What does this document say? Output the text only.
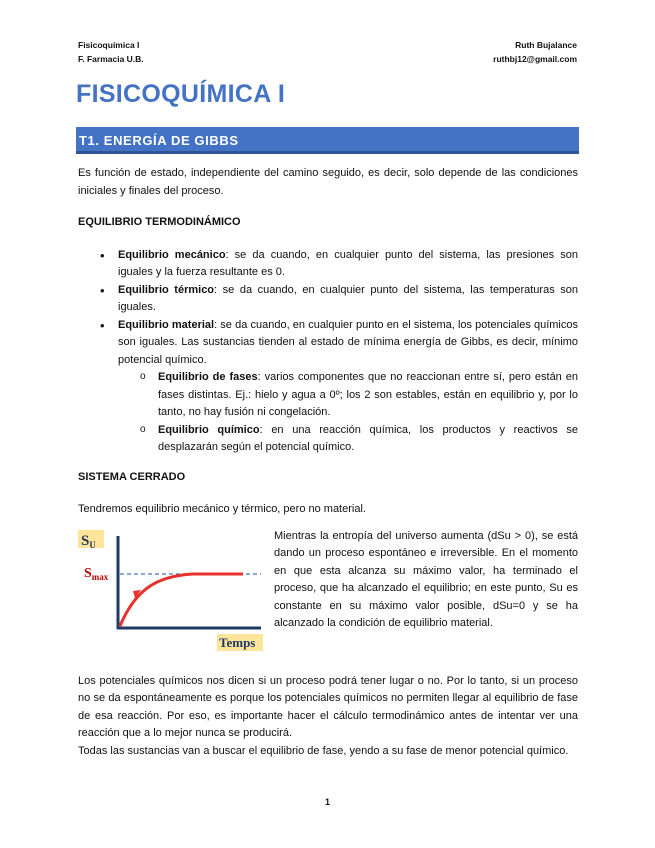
Fisicoquímica I
F. Farmacia U.B.
Ruth Bujalance
ruthbj12@gmail.com
FISICOQUÍMICA I
T1. ENERGÍA DE GIBBS

Es función de estado, independiente del camino seguido, es decir, solo depende de las condiciones iniciales y finales del proceso.

EQUILIBRIO TERMODINÁMICO

• Equilibrio mecánico: se da cuando, en cualquier punto del sistema, las presiones son iguales y la fuerza resultante es 0.
• Equilibrio térmico: se da cuando, en cualquier punto del sistema, las temperaturas son iguales.
• Equilibrio material: se da cuando, en cualquier punto en el sistema, los potenciales químicos son iguales. Las sustancias tienden al estado de mínima energía de Gibbs, es decir, mínimo potencial químico.
o Equilibrio de fases: varios componentes que no reaccionan entre sí, pero están en fases distintas. Ej.: hielo y agua a 0º; los 2 son estables, están en equilibrio y, por lo tanto, no hay fusión ni congelación.
o Equilibrio químico: en una reacción química, los productos y reactivos se desplazarán según el potencial químico.

SISTEMA CERRADO

Tendremos equilibrio mecánico y térmico, pero no material.

$S_U$
$S_{max}$
Temps

Mientras la entropía del universo aumenta (dSu > 0), se está dando un proceso espontáneo e irreversible. En el momento en que esta alcanza su máximo valor, ha terminado el proceso, que ha alcanzado el equilibrio; en este punto, Su es constante en su máximo valor posible, dSu=0 y se ha alcanzado la condición de equilibrio material.

Los potenciales químicos nos dicen si un proceso podrá tener lugar o no. Por lo tanto, si un proceso no se da espontáneamente es porque los potenciales químicos no permiten llegar al equilibrio de fase de esa reacción. Por eso, es importante hacer el cálculo termodinámico antes de intentar ver una reacción que a lo mejor nunca se producirá.

Todas las sustancias van a buscar el equilibrio de fase, yendo a su fase de menor potencial químico.

1
